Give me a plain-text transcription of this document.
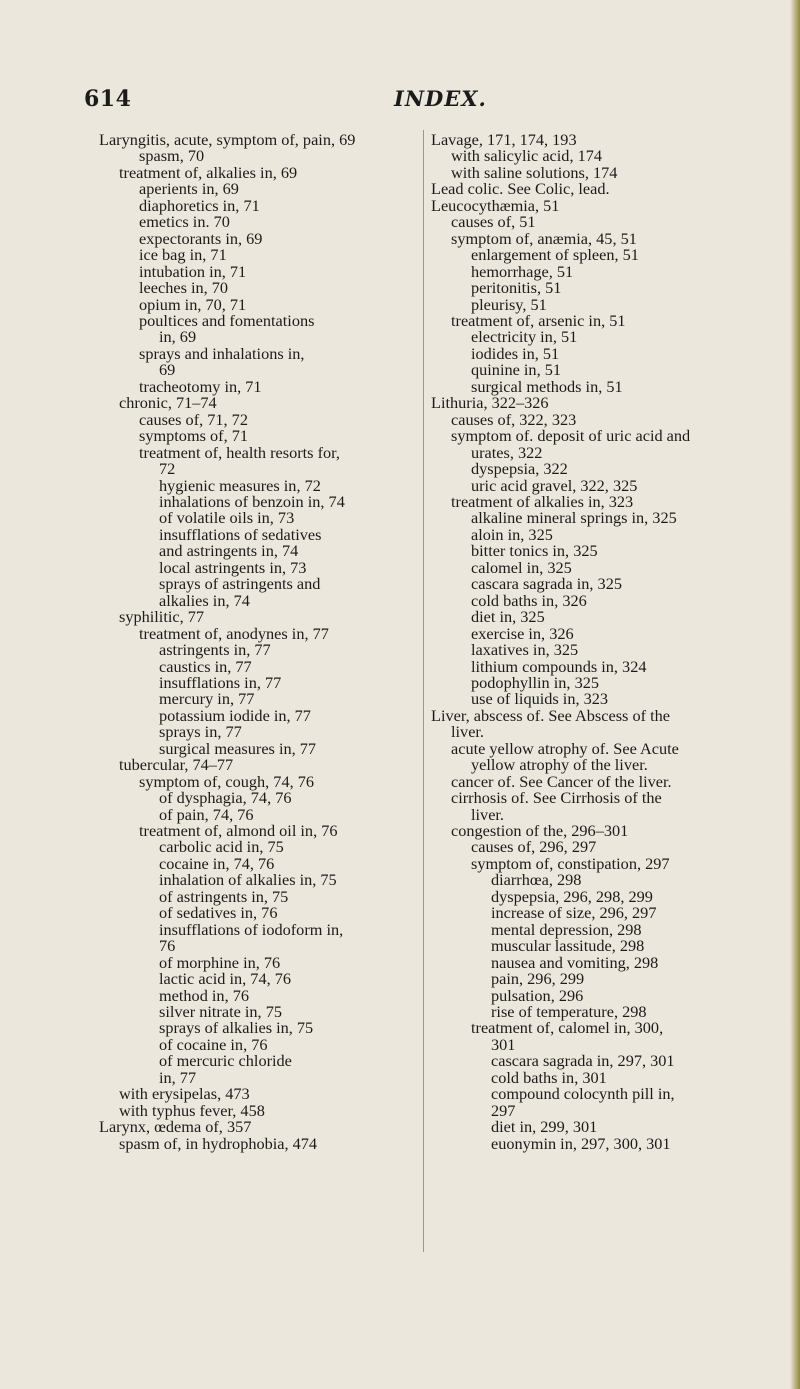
614	INDEX.
Laryngitis, acute, symptom of, pain, 69
spasm, 70
treatment of, alkalies in, 69
aperients in, 69
diaphoretics in, 71
emetics in. 70
expectorants in, 69
ice bag in, 71
intubation in, 71
leeches in, 70
opium in, 70, 71
poultices and fomentations
in, 69
sprays and inhalations in,
69
tracheotomy in, 71
chronic, 71–74
causes of, 71, 72
symptoms of, 71
treatment of, health resorts for,
72
hygienic measures in, 72
inhalations of benzoin in, 74
of volatile oils in, 73
insufflations of sedatives
and astringents in, 74
local astringents in, 73
sprays of astringents and
alkalies in, 74
syphilitic, 77
treatment of, anodynes in, 77
astringents in, 77
caustics in, 77
insufflations in, 77
mercury in, 77
potassium iodide in, 77
sprays in, 77
surgical measures in, 77
tubercular, 74–77
symptom of, cough, 74, 76
of dysphagia, 74, 76
of pain, 74, 76
treatment of, almond oil in, 76
carbolic acid in, 75
cocaine in, 74, 76
inhalation of alkalies in, 75
of astringents in, 75
of sedatives in, 76
insufflations of iodoform in,
76
of morphine in, 76
lactic acid in, 74, 76
method in, 76
silver nitrate in, 75
sprays of alkalies in, 75
of cocaine in, 76
of mercuric chloride
in, 77
with erysipelas, 473
with typhus fever, 458
Larynx, œdema of, 357
spasm of, in hydrophobia, 474
Lavage, 171, 174, 193
with salicylic acid, 174
with saline solutions, 174
Lead colic. See Colic, lead.
Leucocythæmia, 51
causes of, 51
symptom of, anæmia, 45, 51
enlargement of spleen, 51
hemorrhage, 51
peritonitis, 51
pleurisy, 51
treatment of, arsenic in, 51
electricity in, 51
iodides in, 51
quinine in, 51
surgical methods in, 51
Lithuria, 322–326
causes of, 322, 323
symptom of. deposit of uric acid and
urates, 322
dyspepsia, 322
uric acid gravel, 322, 325
treatment of alkalies in, 323
alkaline mineral springs in, 325
aloin in, 325
bitter tonics in, 325
calomel in, 325
cascara sagrada in, 325
cold baths in, 326
diet in, 325
exercise in, 326
laxatives in, 325
lithium compounds in, 324
podophyllin in, 325
use of liquids in, 323
Liver, abscess of. See Abscess of the
liver.
acute yellow atrophy of. See Acute
yellow atrophy of the liver.
cancer of. See Cancer of the liver.
cirrhosis of. See Cirrhosis of the
liver.
congestion of the, 296–301
causes of, 296, 297
symptom of, constipation, 297
diarrhœa, 298
dyspepsia, 296, 298, 299
increase of size, 296, 297
mental depression, 298
muscular lassitude, 298
nausea and vomiting, 298
pain, 296, 299
pulsation, 296
rise of temperature, 298
treatment of, calomel in, 300,
301
cascara sagrada in, 297, 301
cold baths in, 301
compound colocynth pill in,
297
diet in, 299, 301
euonymin in, 297, 300, 301
